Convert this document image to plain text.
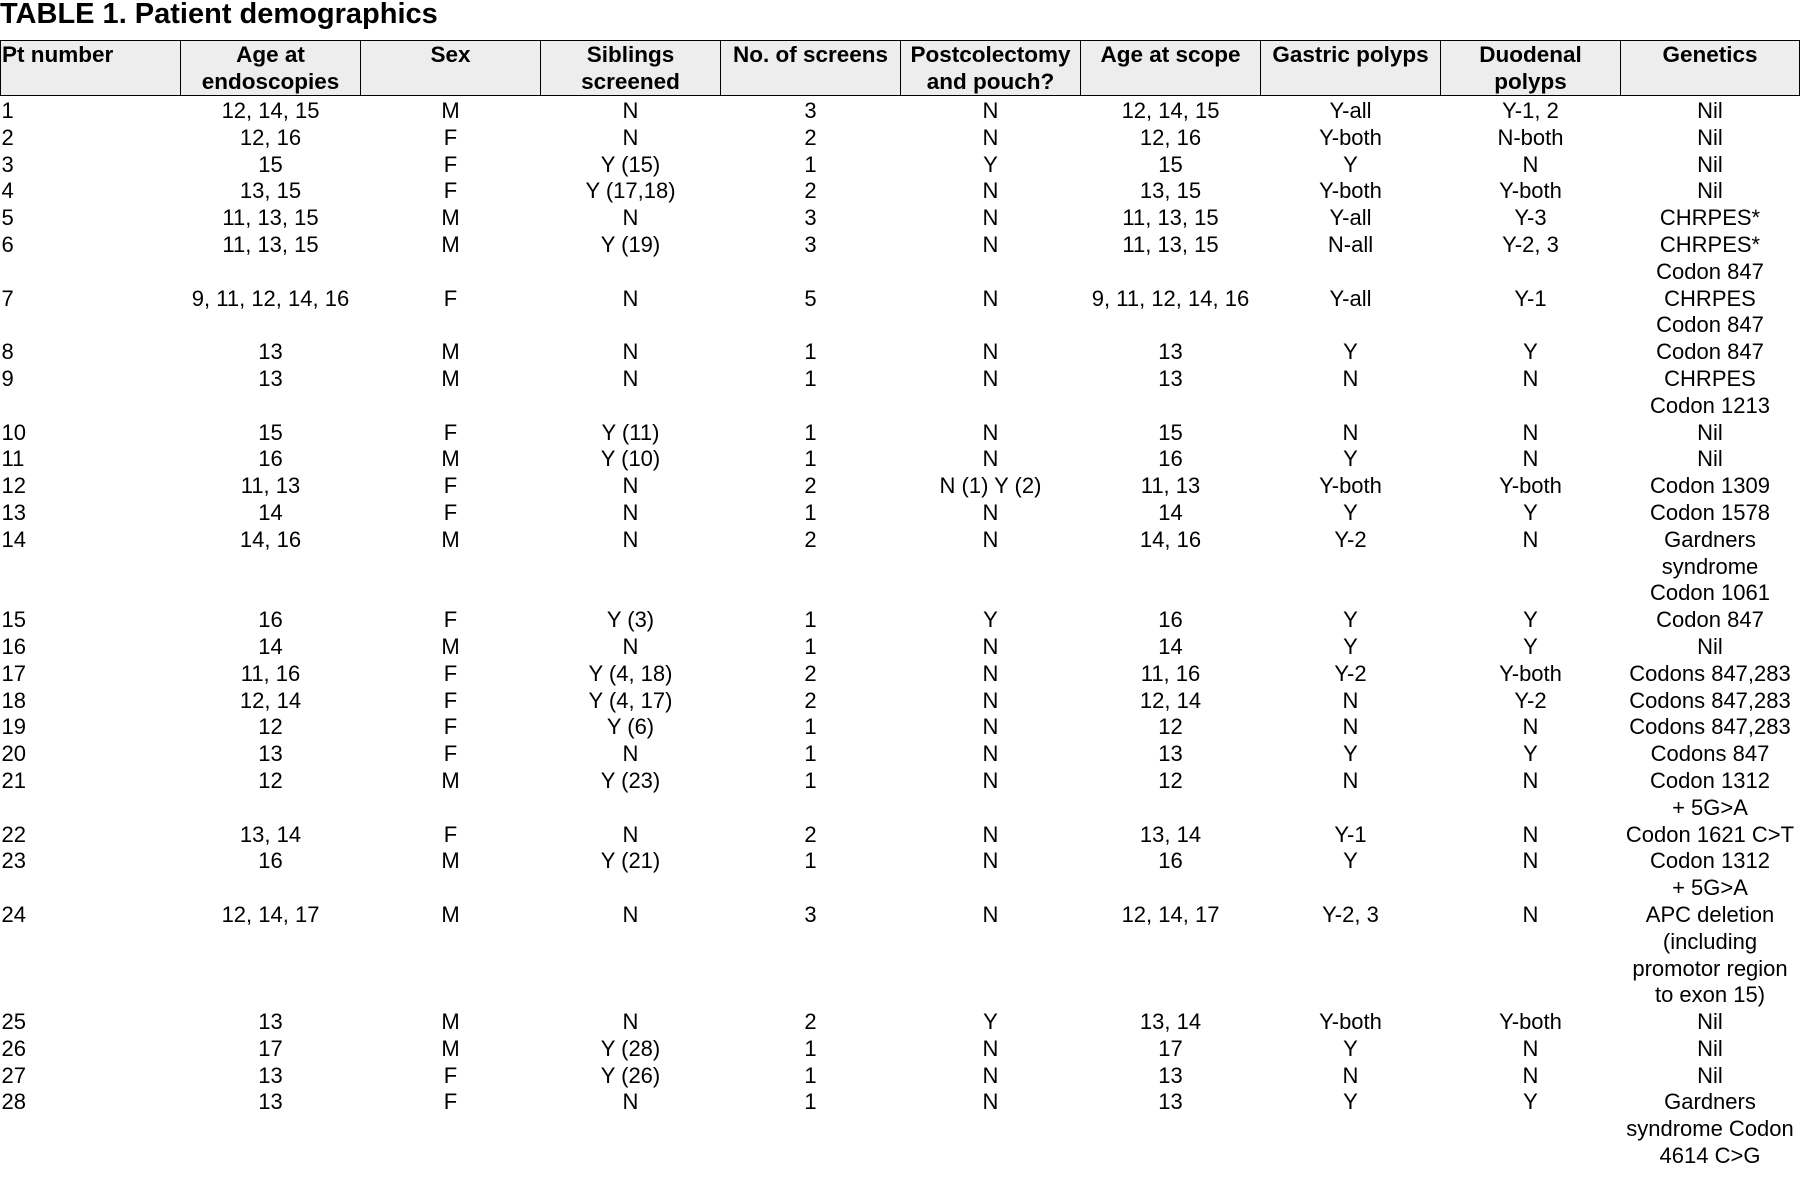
TABLE 1. Patient demographics
Pt number	Age at
endoscopies	Sex	Siblings
screened	No. of screens	Postcolectomy
and pouch?	Age at scope	Gastric polyps	Duodenal
polyps	Genetics

1	12, 14, 15	M	N	3	N	12, 14, 15	Y-all	Y-1, 2	Nil

2	12, 16	F	N	2	N	12, 16	Y-both	N-both	Nil

3	15	F	Y (15)	1	Y	15	Y	N	Nil

4	13, 15	F	Y (17,18)	2	N	13, 15	Y-both	Y-both	Nil

5	11, 13, 15	M	N	3	N	11, 13, 15	Y-all	Y-3	CHRPES*

6	11, 13, 15	M	Y (19)	3	N	11, 13, 15	N-all	Y-2, 3	CHRPES*
Codon 847

7	9, 11, 12, 14, 16	F	N	5	N	9, 11, 12, 14, 16	Y-all	Y-1	CHRPES
Codon 847

8	13	M	N	1	N	13	Y	Y	Codon 847

9	13	M	N	1	N	13	N	N	CHRPES
Codon 1213

10	15	F	Y (11)	1	N	15	N	N	Nil

11	16	M	Y (10)	1	N	16	Y	N	Nil

12	11, 13	F	N	2	N (1) Y (2)	11, 13	Y-both	Y-both	Codon 1309

13	14	F	N	1	N	14	Y	Y	Codon 1578

14	14, 16	M	N	2	N	14, 16	Y-2	N	Gardners
syndrome
Codon 1061

15	16	F	Y (3)	1	Y	16	Y	Y	Codon 847

16	14	M	N	1	N	14	Y	Y	Nil

17	11, 16	F	Y (4, 18)	2	N	11, 16	Y-2	Y-both	Codons 847,283

18	12, 14	F	Y (4, 17)	2	N	12, 14	N	Y-2	Codons 847,283

19	12	F	Y (6)	1	N	12	N	N	Codons 847,283

20	13	F	N	1	N	13	Y	Y	Codons 847

21	12	M	Y (23)	1	N	12	N	N	Codon 1312
+ 5G>A

22	13, 14	F	N	2	N	13, 14	Y-1	N	Codon 1621 C>T

23	16	M	Y (21)	1	N	16	Y	N	Codon 1312
+ 5G>A

24	12, 14, 17	M	N	3	N	12, 14, 17	Y-2, 3	N	APC deletion
(including
promotor region
to exon 15)

25	13	M	N	2	Y	13, 14	Y-both	Y-both	Nil

26	17	M	Y (28)	1	N	17	Y	N	Nil

27	13	F	Y (26)	1	N	13	N	N	Nil

28	13	F	N	1	N	13	Y	Y	Gardners
syndrome Codon
4614 C>G
